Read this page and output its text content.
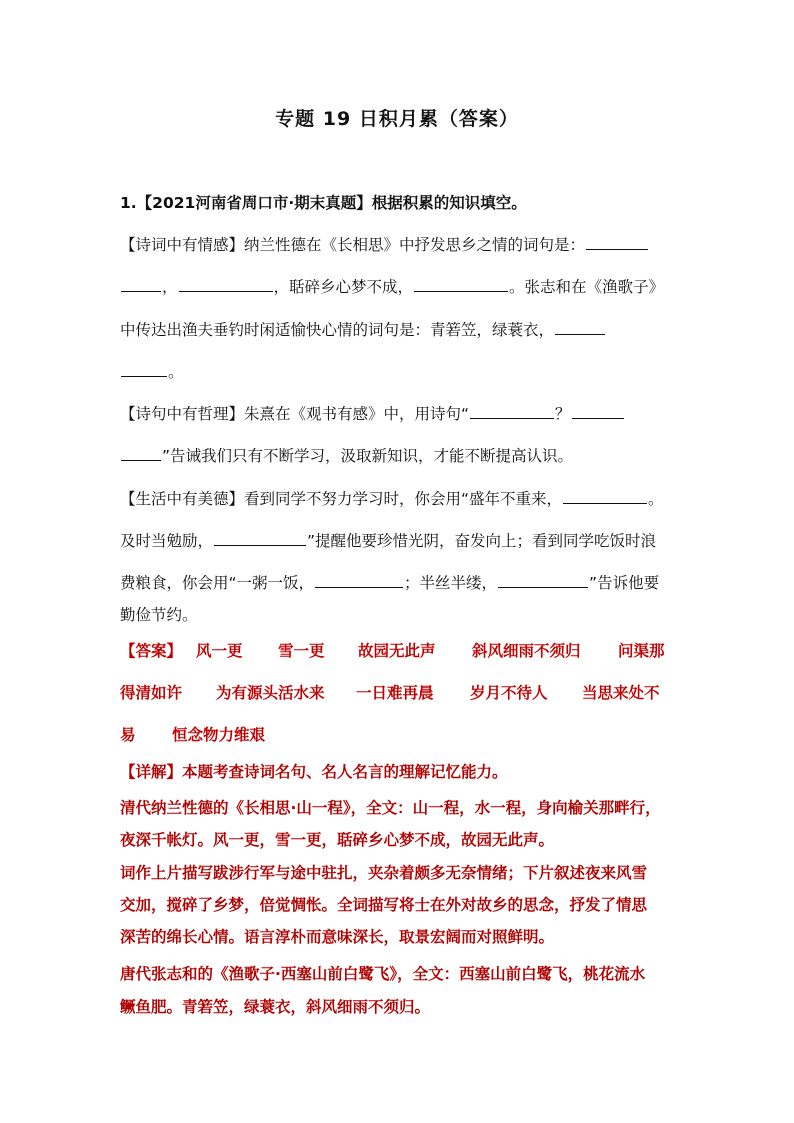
专题 19 日积月累（答案）
1.【2021河南省周口市·期末真题】根据积累的知识填空。
【诗词中有情感】纳兰性德在《长相思》中抒发思乡之情的词句是：
，	，聒碎乡心梦不成，	。张志和在《渔歌子》
中传达出渔夫垂钓时闲适愉快心情的词句是：青箬笠，绿蓑衣，
。
【诗句中有哲理】朱熹在《观书有感》中，用诗句“	？
”告诫我们只有不断学习，汲取新知识，才能不断提高认识。
【生活中有美德】看到同学不努力学习时，你会用“盛年不重来，	。
及时当勉励，	”提醒他要珍惜光阴，奋发向上；看到同学吃饭时浪
费粮食，你会用“一粥一饭，	；半丝半缕，	”告诉他要
勤俭节约。
【答案】 风一更 雪一更 故园无此声 斜风细雨不须归 问渠那
得清如许 为有源头活水来 一日难再晨 岁月不待人 当思来处不
易 恒念物力维艰
【详解】本题考查诗词名句、名人名言的理解记忆能力。
清代纳兰性德的《长相思·山一程》，全文：山一程，水一程，身向榆关那畔行，
夜深千帐灯。风一更，雪一更，聒碎乡心梦不成，故园无此声。
词作上片描写跋涉行军与途中驻扎，夹杂着颇多无奈情绪；下片叙述夜来风雪
交加，搅碎了乡梦，倍觉惆怅。全词描写将士在外对故乡的思念，抒发了情思
深苦的绵长心情。语言淳朴而意味深长，取景宏阔而对照鲜明。
唐代张志和的《渔歌子·西塞山前白鹭飞》，全文：西塞山前白鹭飞，桃花流水
鳜鱼肥。青箬笠，绿蓑衣，斜风细雨不须归。
